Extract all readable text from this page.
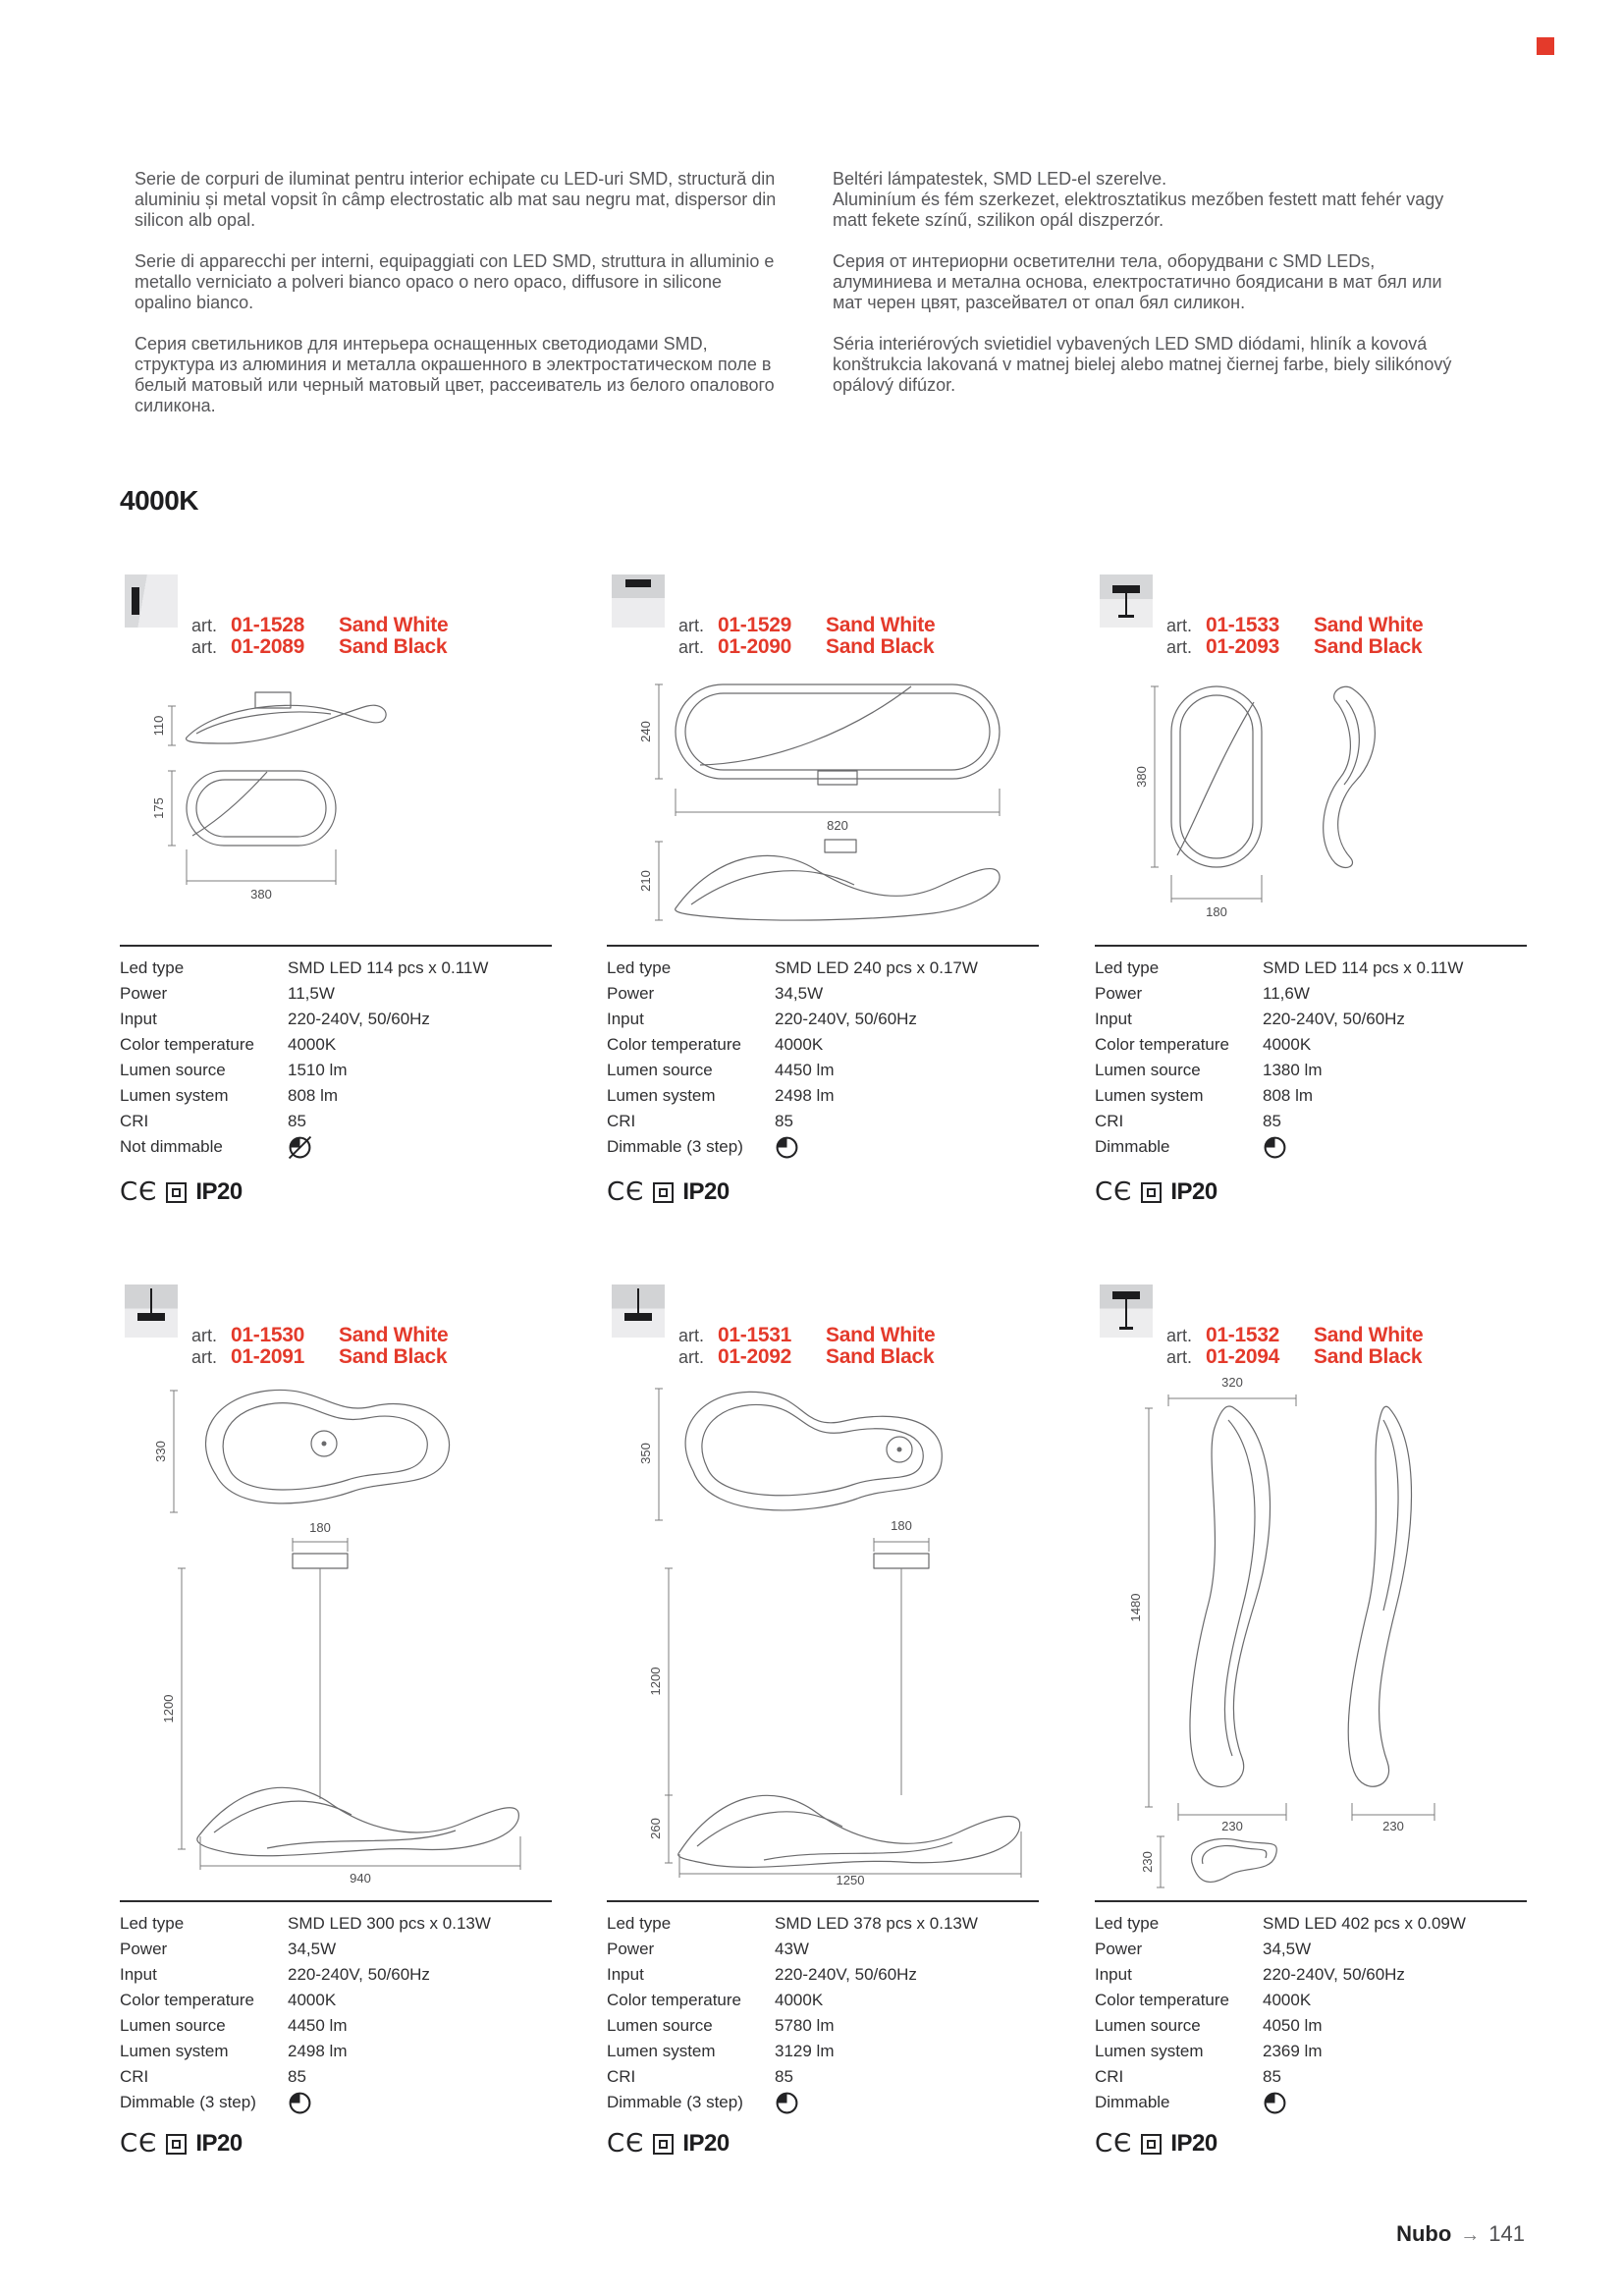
Serie de corpuri de iluminat pentru interior echipate cu LED-uri SMD, structură din aluminiu și metal vopsit în câmp electrostatic alb mat sau negru mat, dispersor din silicon alb opal.

Serie di apparecchi per interni, equipaggiati con LED SMD, struttura in alluminio e metallo verniciato a polveri bianco opaco o nero opaco, diffusore in silicone opalino bianco.

Серия светильников для интерьера оснащенных светодиодами SMD, структура из алюминия и металла окрашенного в электростатическом поле в белый матовый или черный матовый цвет, рассеиватель из белого опалового силикона.

Beltéri lámpatestek, SMD LED-el szerelve.

Aluminíum és fém szerkezet, elektrosztatikus mezőben festett matt fehér vagy matt fekete színű, szilikon opál diszperzór.

Серия от интериорни осветителни тела, оборудвани с SMD LEDs, алуминиева и метална основа, електростатично боядисани в мат бял или мат черен цвят, разсейвател от опал бял силикон.

Séria interiérových svietidiel vybavených LED SMD diódami, hliník a kovová konštrukcia lakovaná v matnej bielej alebo matnej čiernej farbe, biely silikónový opálový difúzor.

4000K
art. 01-1528	Sand White
art. 01-2089	Sand Black
110
175
380
Led type	SMD LED 114 pcs x 0.11W
Power	11,5W
Input	220-240V, 50/60Hz
Color temperature	4000K
Lumen source	1510 lm
Lumen system	808 lm
CRI	85
Not dimmable
CЄ IP20
art. 01-1529	Sand White
art. 01-2090	Sand Black
240
820
210
Led type	SMD LED 240 pcs x 0.17W
Power	34,5W
Input	220-240V, 50/60Hz
Color temperature	4000K
Lumen source	4450 lm
Lumen system	2498 lm
CRI	85
Dimmable (3 step)
CЄ IP20
art. 01-1533	Sand White
art. 01-2093	Sand Black
380
180
Led type	SMD LED 114 pcs x 0.11W
Power	11,6W
Input	220-240V, 50/60Hz
Color temperature	4000K
Lumen source	1380 lm
Lumen system	808 lm
CRI	85
Dimmable
CЄ IP20
art. 01-1530	Sand White
art. 01-2091	Sand Black
330
180
1200
940
Led type	SMD LED 300 pcs x 0.13W
Power	34,5W
Input	220-240V, 50/60Hz
Color temperature	4000K
Lumen source	4450 lm
Lumen system	2498 lm
CRI	85
Dimmable (3 step)
CЄ IP20
art. 01-1531	Sand White
art. 01-2092	Sand Black
350
180
1200
260
1250
Led type	SMD LED 378 pcs x 0.13W
Power	43W
Input	220-240V, 50/60Hz
Color temperature	4000K
Lumen source	5780 lm
Lumen system	3129 lm
CRI	85
Dimmable (3 step)
CЄ IP20
art. 01-1532	Sand White
art. 01-2094	Sand Black
320
1480
230	230
230
Led type	SMD LED 402 pcs x 0.09W
Power	34,5W
Input	220-240V, 50/60Hz
Color temperature	4000K
Lumen source	4050 lm
Lumen system	2369 lm
CRI	85
Dimmable
CЄ IP20
Nubo → 141
